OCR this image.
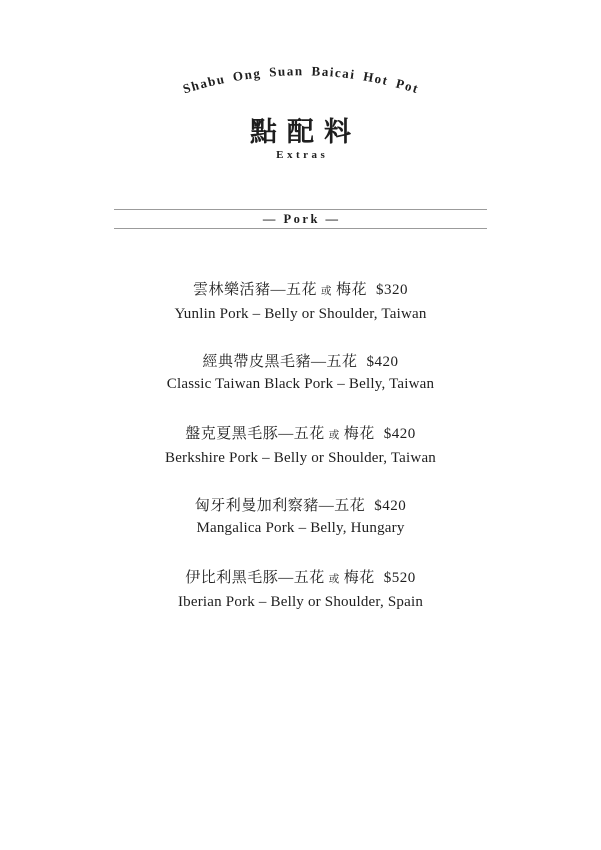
Shabu Ong Suan Baicai Hot Pot
點配料
Extras
— Pork —
雲林樂活豬—五花 或 梅花 $320
Yunlin Pork – Belly or Shoulder, Taiwan
經典帶皮黑毛豬—五花 $420
Classic Taiwan Black Pork – Belly, Taiwan
盤克夏黑毛豚—五花 或 梅花 $420
Berkshire Pork – Belly or Shoulder, Taiwan
匈牙利曼加利察豬—五花 $420
Mangalica Pork – Belly, Hungary
伊比利黑毛豚—五花 或 梅花 $520
Iberian Pork – Belly or Shoulder, Spain
